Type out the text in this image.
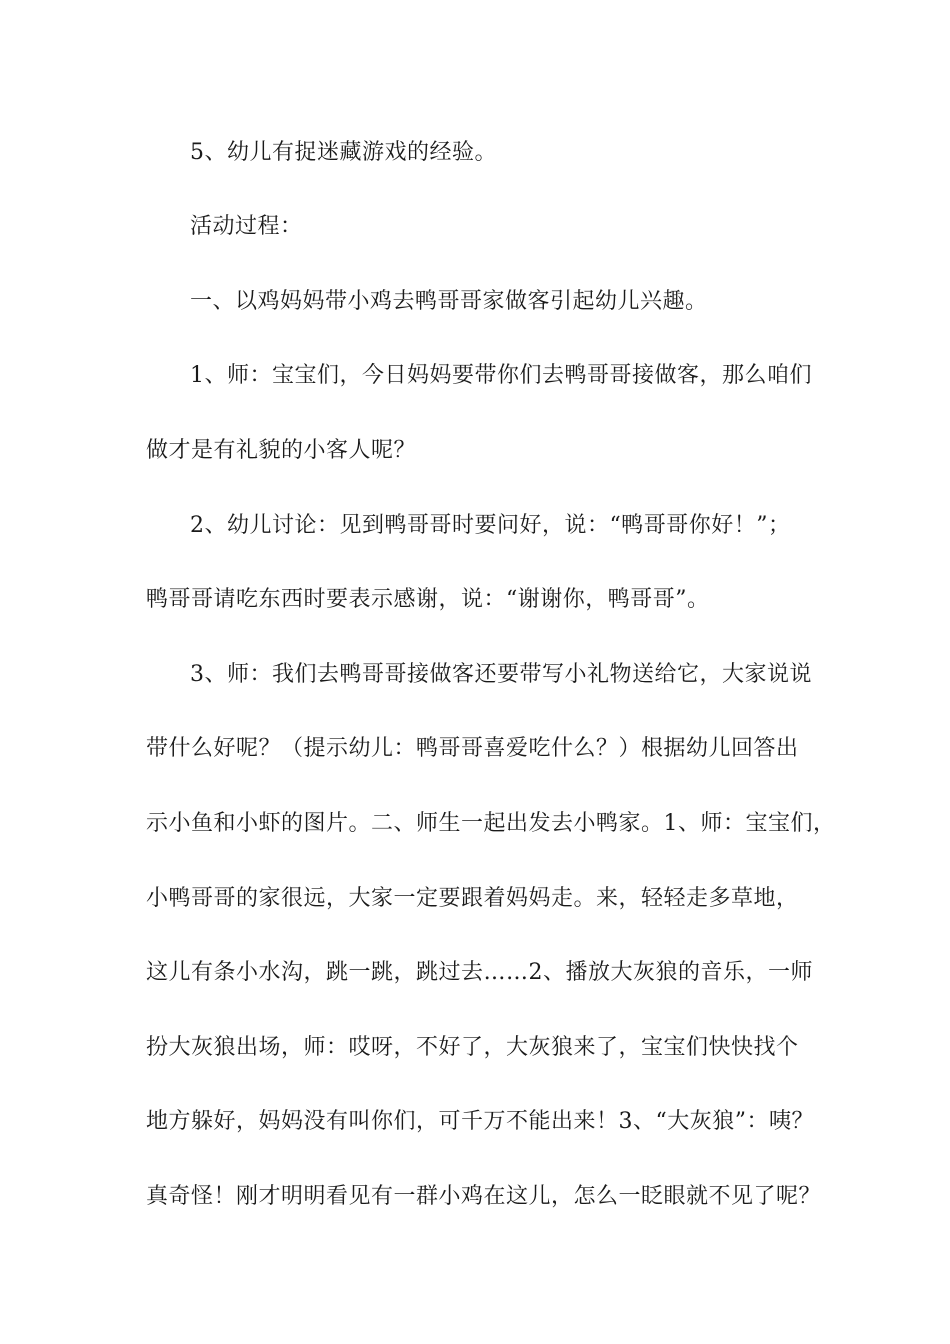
5、幼儿有捉迷藏游戏的经验。
活动过程：
一、以鸡妈妈带小鸡去鸭哥哥家做客引起幼儿兴趣。
1、师：宝宝们，今日妈妈要带你们去鸭哥哥接做客，那么咱们
做才是有礼貌的小客人呢？
2、幼儿讨论：见到鸭哥哥时要问好，说：“鸭哥哥你好！”；
鸭哥哥请吃东西时要表示感谢，说：“谢谢你，鸭哥哥”。
3、师：我们去鸭哥哥接做客还要带写小礼物送给它，大家说说
带什么好呢？（提示幼儿：鸭哥哥喜爱吃什么？）根据幼儿回答出
示小鱼和小虾的图片。二、师生一起出发去小鸭家。1、师：宝宝们，
小鸭哥哥的家很远，大家一定要跟着妈妈走。来，轻轻走多草地，
这儿有条小水沟，跳一跳，跳过去……2、播放大灰狼的音乐，一师
扮大灰狼出场，师：哎呀，不好了，大灰狼来了，宝宝们快快找个
地方躲好，妈妈没有叫你们，可千万不能出来！3、“大灰狼”：咦？
真奇怪！刚才明明看见有一群小鸡在这儿，怎么一眨眼就不见了呢？
